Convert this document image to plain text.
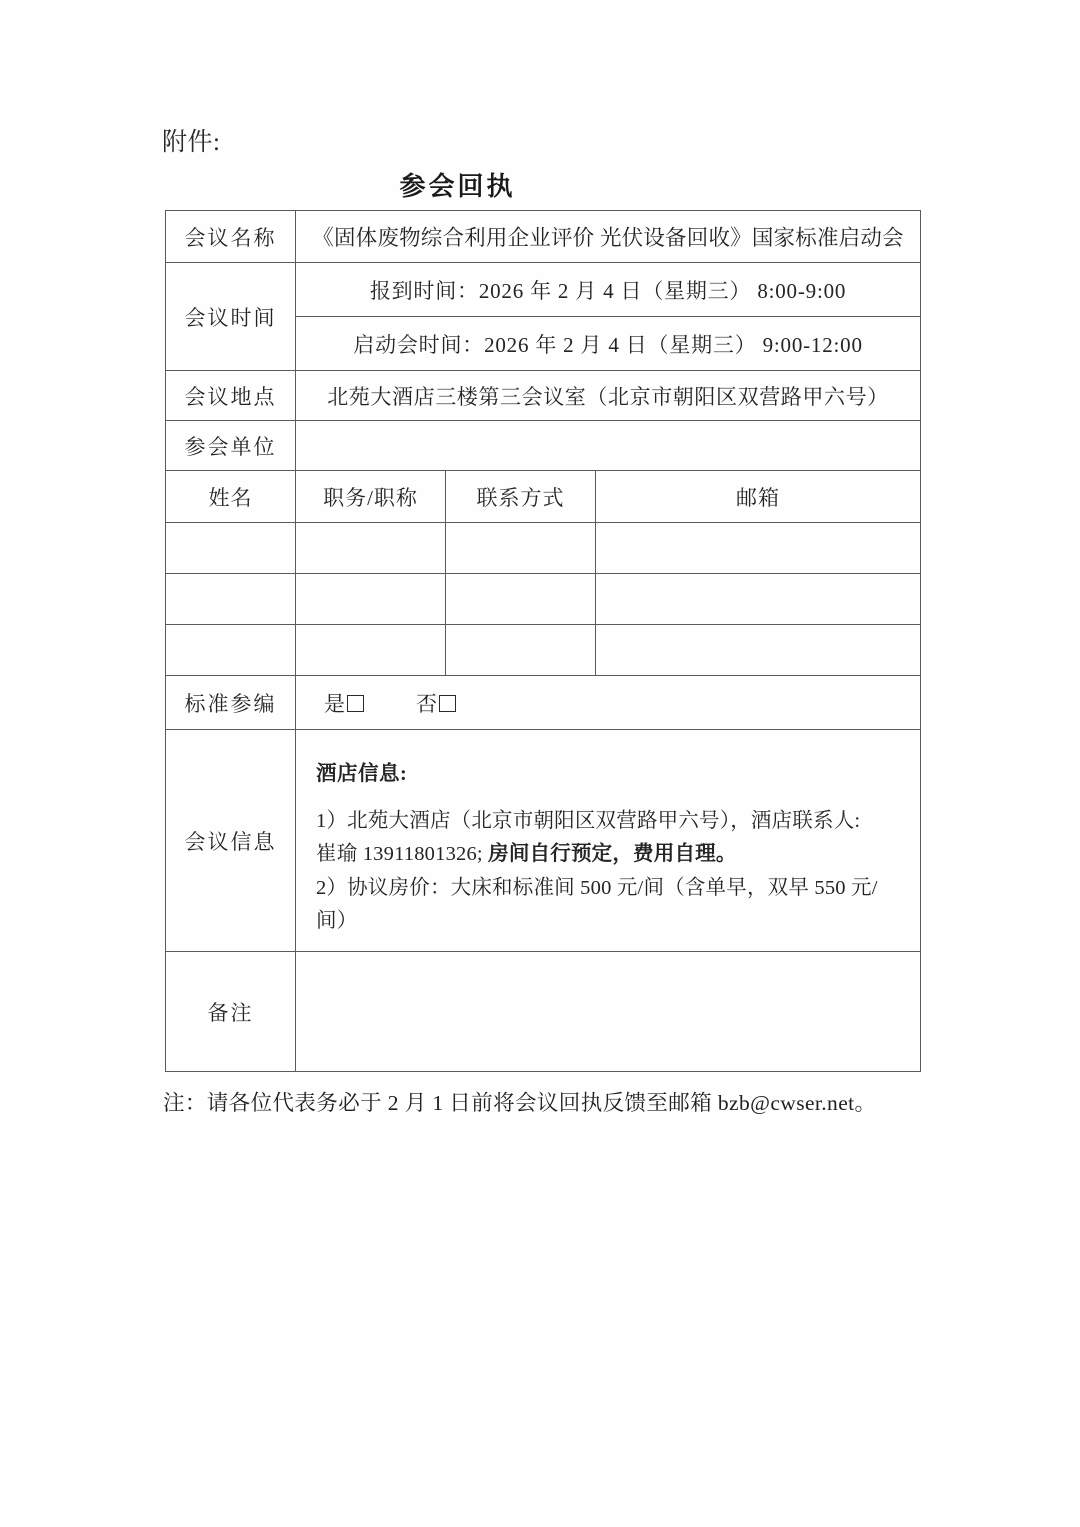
附件:
参会回执
会议名称	《固体废物综合利用企业评价 光伏设备回收》国家标准启动会		
会议时间	报到时间：2026 年 2 月 4 日（星期三） 8:00-9:00		
	启动会时间：2026 年 2 月 4 日（星期三） 9:00-12:00		
会议地点	北苑大酒店三楼第三会议室（北京市朝阳区双营路甲六号）		
参会单位			
姓名	职务/职称	联系方式	邮箱

标准参编	是 否		
会议信息	酒店信息:
1）北苑大酒店（北京市朝阳区双营路甲六号），酒店联系人:
崔瑜 13911801326; 房间自行预定，费用自理。
2）协议房价：大床和标准间 500 元/间（含单早，双早 550 元/间）		

备注			
注：请各位代表务必于 2 月 1 日前将会议回执反馈至邮箱 bzb@cwser.net。
